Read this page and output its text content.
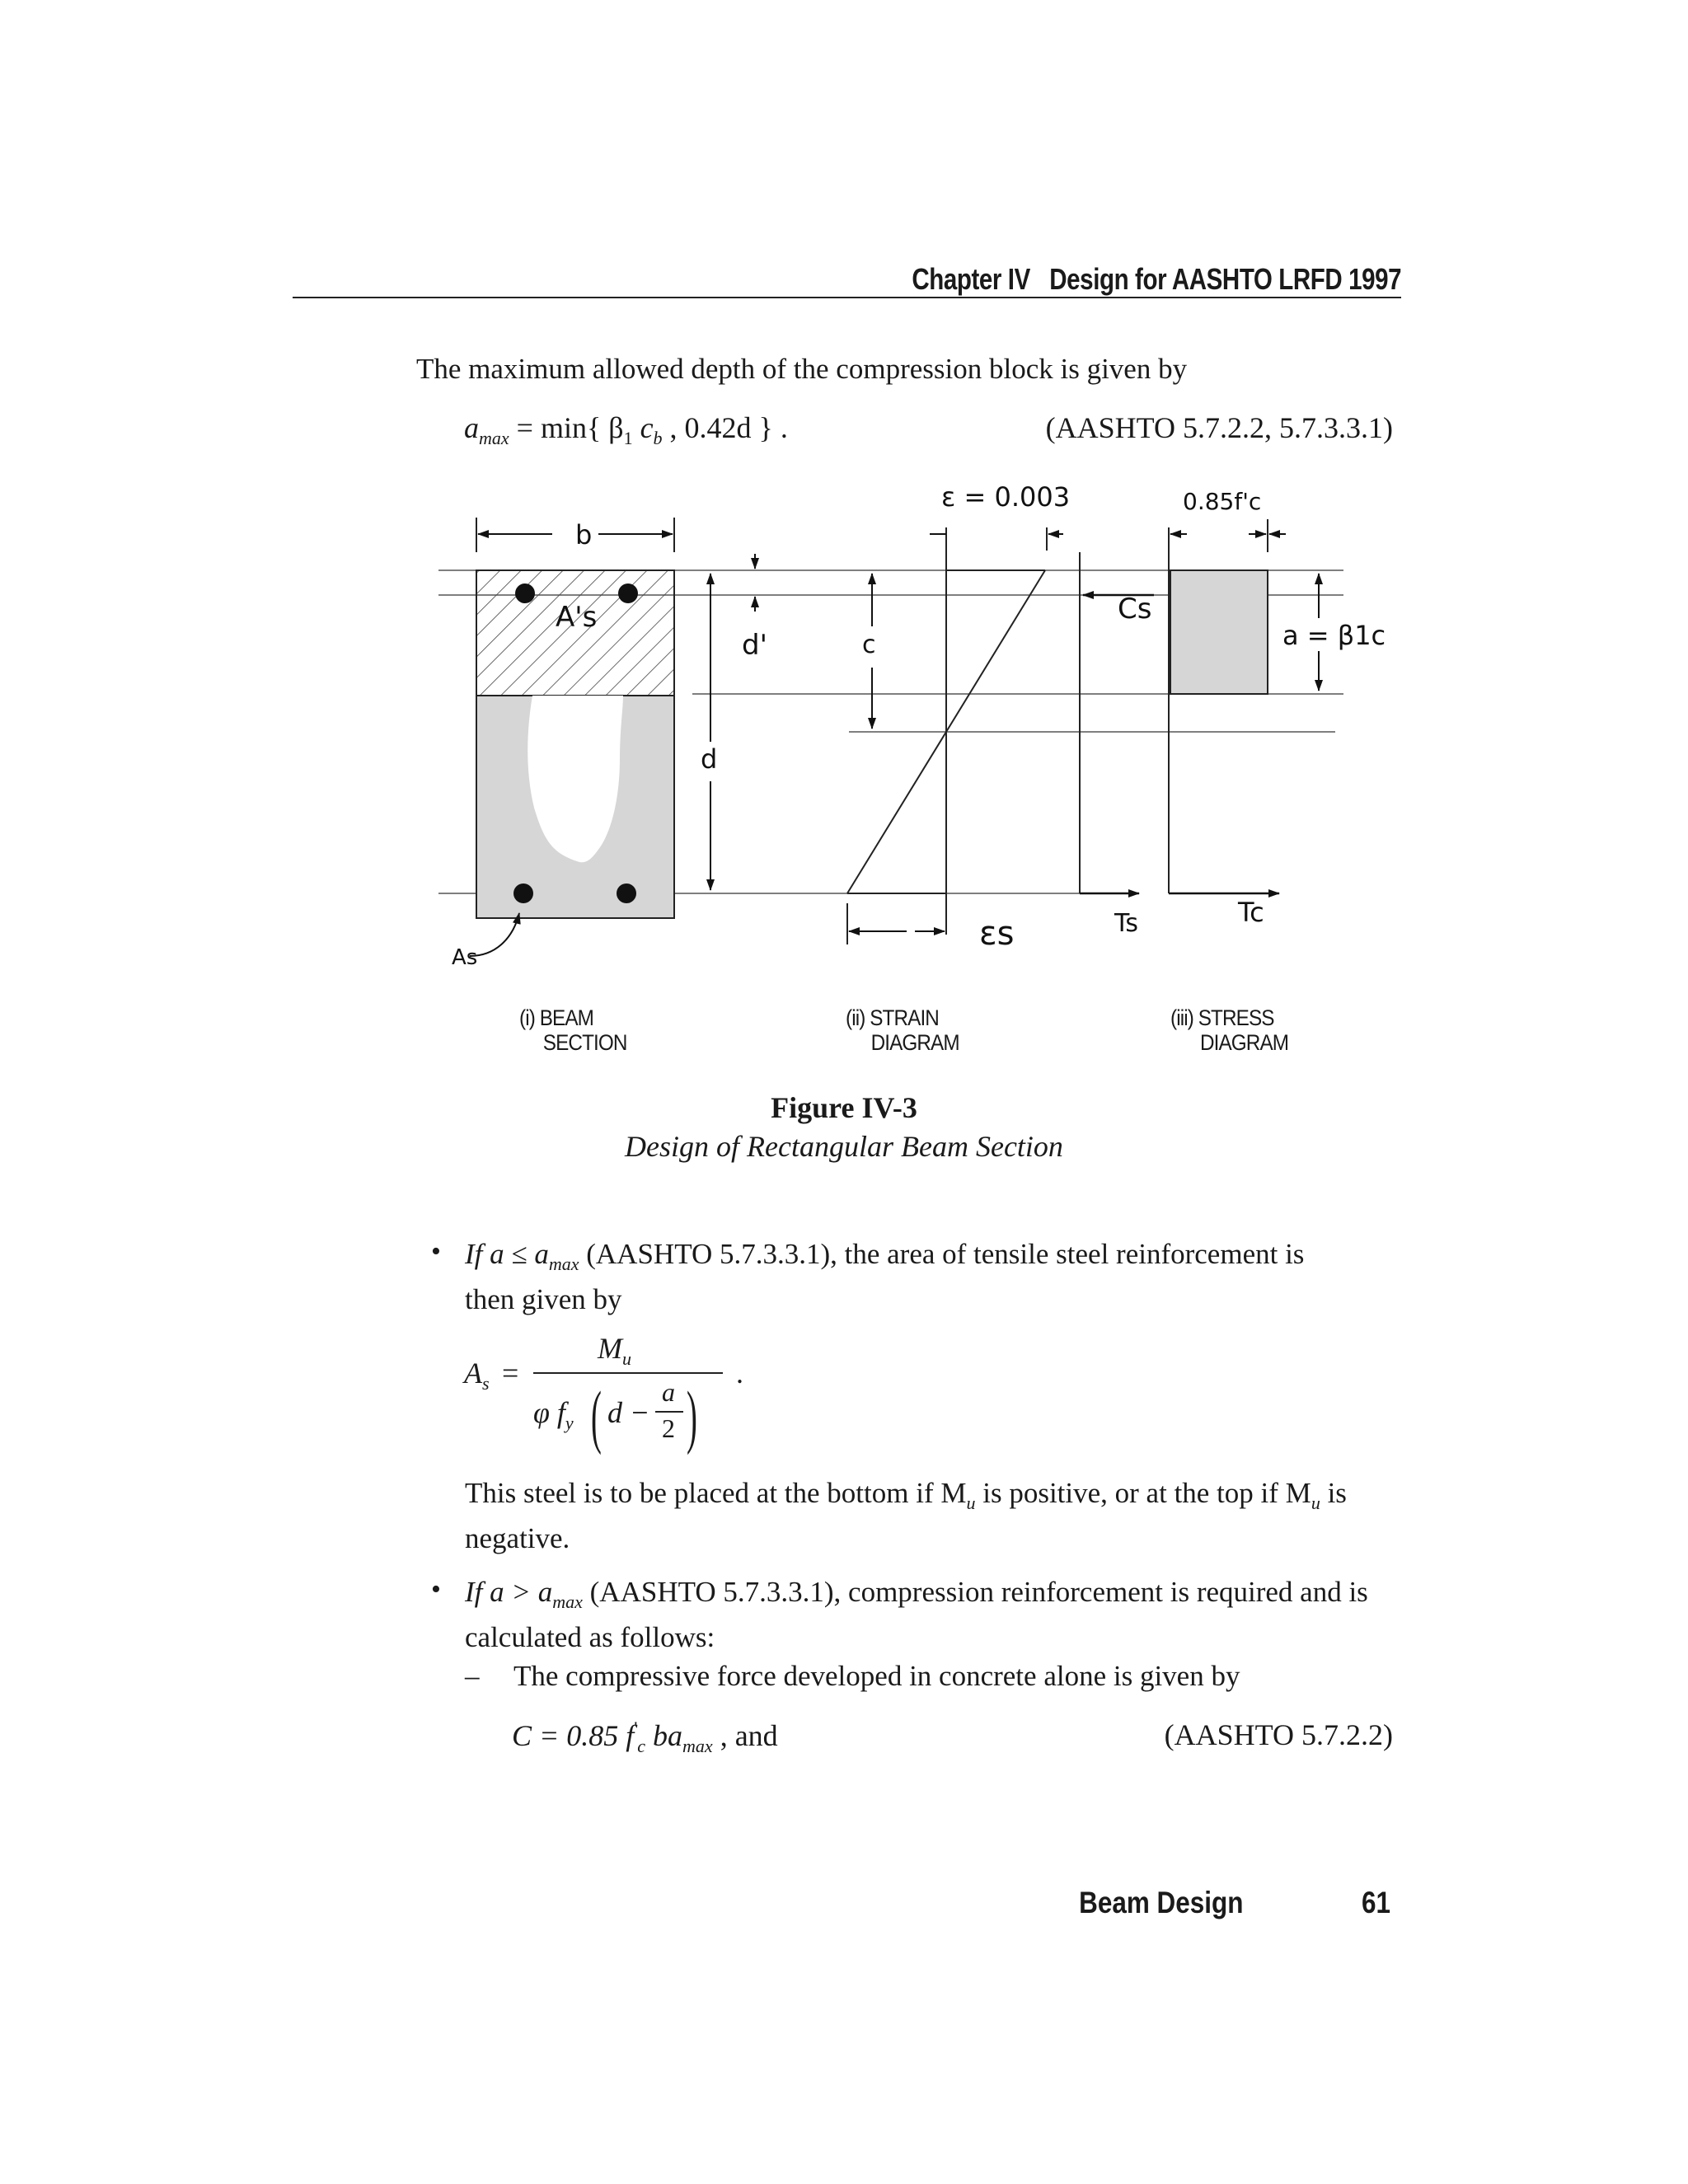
Chapter IV Design for AASHTO LRFD 1997
The maximum allowed depth of the compression block is given by
$a_{max} = \min${ $\beta_1$ $c_b$ , 0.42d } .	(AASHTO 5.7.2.2, 5.7.3.3.1)
b
A's
d'	c
d
As
ε = 0.003
εs
0.85f'c
Cs
Ts	Tc
a = β1c
(i) BEAM
SECTION
(ii) STRAIN
DIAGRAM
(iii) STRESS
DIAGRAM
Figure IV-3
Design of Rectangular Beam Section
• If $a \le a_{max}$ (AASHTO 5.7.3.3.1), the area of tensile steel reinforcement is
then given by
$A_s$ =
$M_u$	.
φ $f_y$ ( d −
a
2 )
This steel is to be placed at the bottom if $M_u$ is positive, or at the top if $M_u$ is
negative.
• If $a > a_{max}$ (AASHTO 5.7.3.3.1), compression reinforcement is required and is
calculated as follows:
– The compressive force developed in concrete alone is given by
C = 0.85 $f'_c$ $ba_{max}$ , and	(AASHTO 5.7.2.2)
Beam Design	61
